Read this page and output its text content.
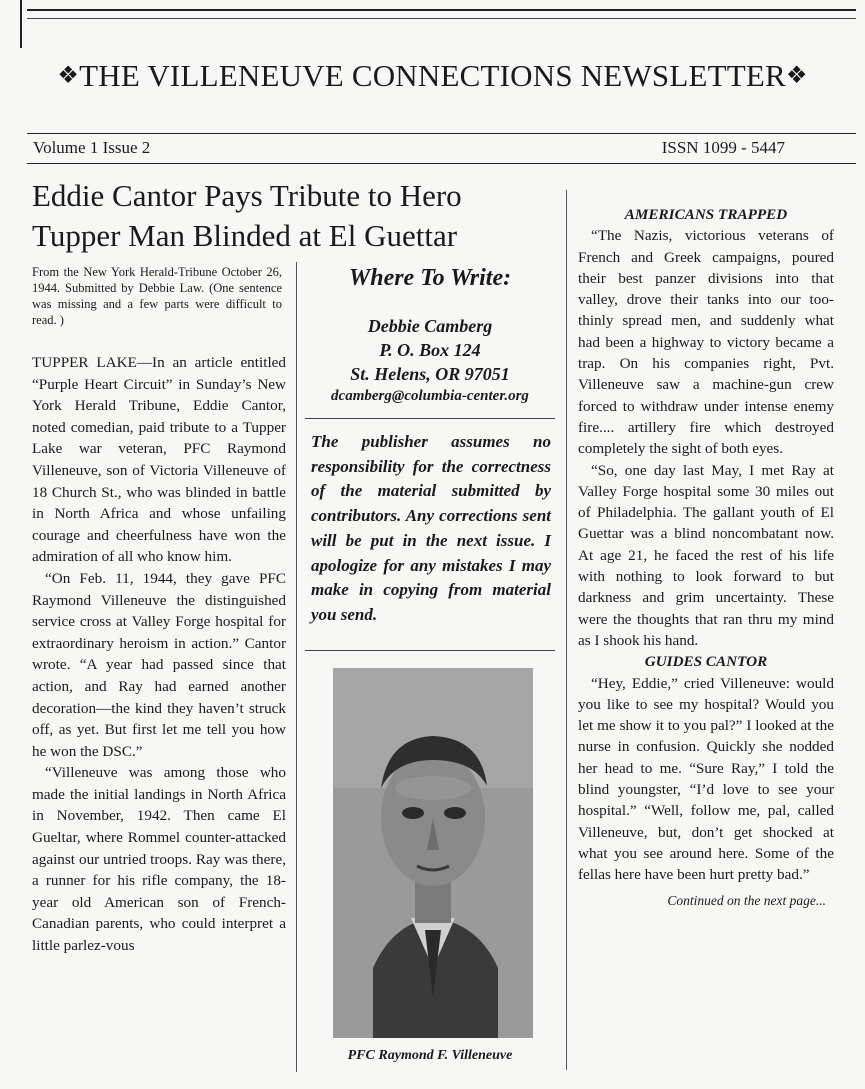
❖THE VILLENEUVE CONNECTIONS NEWSLETTER❖
Volume 1 Issue 2	ISSN 1099 - 5447
Eddie Cantor Pays Tribute to Hero
Tupper Man Blinded at El Guettar
From the New York Herald-Tribune October 26, 1944. Submitted by Debbie Law. (One sentence was missing and a few parts were difficult to read. )

TUPPER LAKE—In an article entitled “Purple Heart Circuit” in Sunday’s New York Herald Tribune, Eddie Cantor, noted comedian, paid tribute to a Tupper Lake war veteran, PFC Raymond Villeneuve, son of Victoria Villeneuve of 18 Church St., who was blinded in battle in North Africa and whose unfailing courage and cheerfulness have won the admiration of all who know him.

“On Feb. 11, 1944, they gave PFC Raymond Villeneuve the distinguished service cross at Valley Forge hospital for extraordinary heroism in action.” Cantor wrote. “A year had passed since that action, and Ray had earned another decoration—the kind they haven’t struck off, as yet. But first let me tell you how he won the DSC.”

“Villeneuve was among those who made the initial landings in North Africa in November, 1942. Then came El Gueltar, where Rommel counter-attacked against our untried troops. Ray was there, a runner for his rifle company, the 18-year old American son of French-Canadian parents, who could interpret a little parlez-vous

Where To Write:
Debbie Camberg
P. O. Box 124
St. Helens, OR 97051
dcamberg@columbia-center.org
The publisher assumes no responsibility for the correctness of the material submitted by contributors. Any corrections sent will be put in the next issue. I apologize for any mistakes I may make in copying from material you send.
PFC Raymond F. Villeneuve
AMERICANS TRAPPED

“The Nazis, victorious veterans of French and Greek campaigns, poured their best panzer divisions into that valley, drove their tanks into our too-thinly spread men, and suddenly what had been a highway to victory became a trap. On his companies right, Pvt. Villeneuve saw a machine-gun crew forced to withdraw under intense enemy fire.... artillery fire which destroyed completely the sight of both eyes.

“So, one day last May, I met Ray at Valley Forge hospital some 30 miles out of Philadelphia. The gallant youth of El Guettar was a blind noncombatant now. At age 21, he faced the rest of his life with nothing to look forward to but darkness and grim uncertainty. These were the thoughts that ran thru my mind as I shook his hand.

GUIDES CANTOR

“Hey, Eddie,” cried Villeneuve: would you like to see my hospital? Would you let me show it to you pal?” I looked at the nurse in confusion. Quickly she nodded her head to me. “Sure Ray,” I told the blind youngster, “I’d love to see your hospital.” “Well, follow me, pal, called Villeneuve, but, don’t get shocked at what you see around here. Some of the fellas here have been hurt pretty bad.”

Continued on the next page...
